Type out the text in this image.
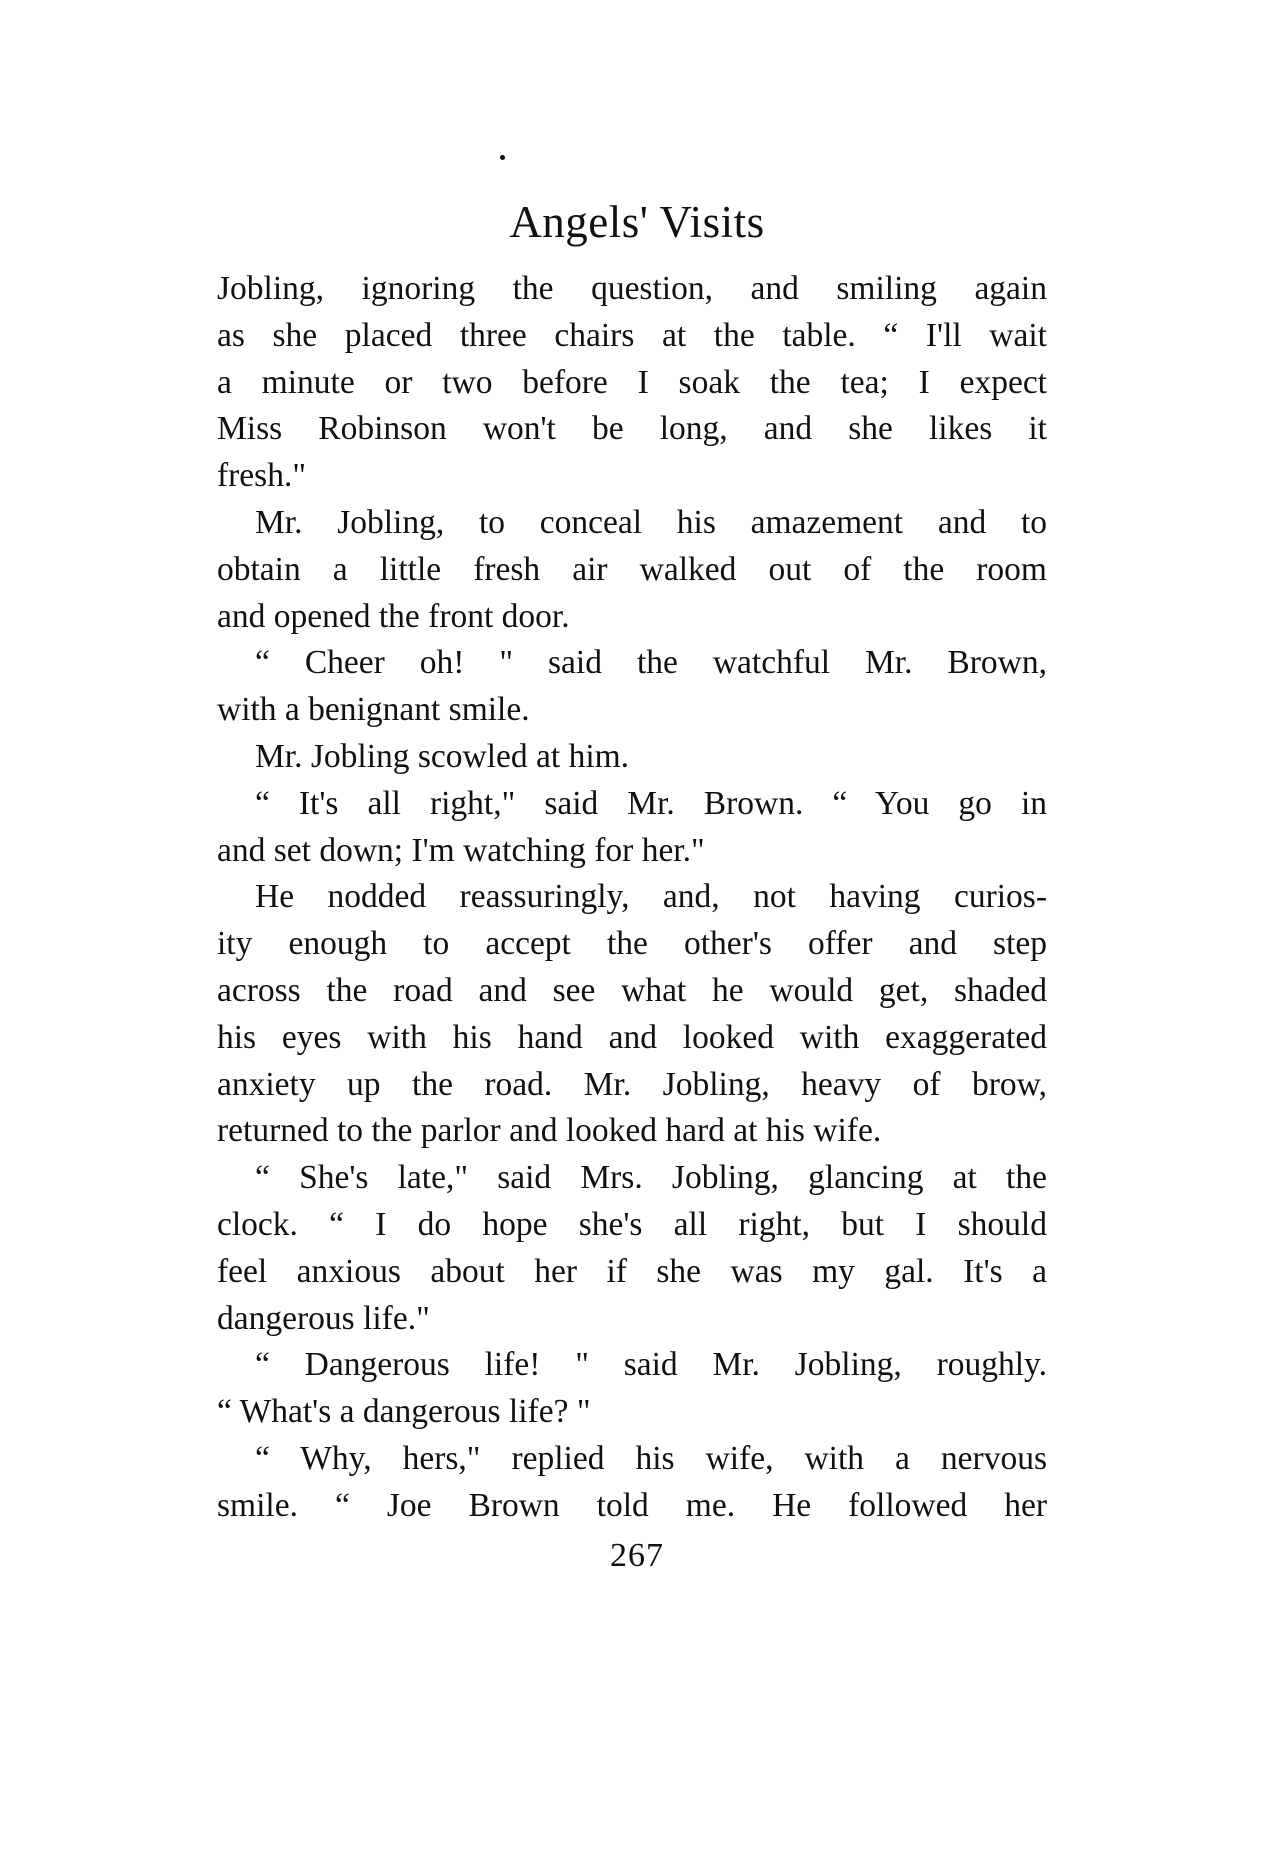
Angels' Visits
Jobling, ignoring the question, and smiling again
as she placed three chairs at the table. “ I'll wait
a minute or two before I soak the tea; I expect
Miss Robinson won't be long, and she likes it
fresh."
Mr. Jobling, to conceal his amazement and to
obtain a little fresh air walked out of the room
and opened the front door.
“ Cheer oh! " said the watchful Mr. Brown,
with a benignant smile.
Mr. Jobling scowled at him.
“ It's all right," said Mr. Brown. “ You go in
and set down; I'm watching for her."
He nodded reassuringly, and, not having curios-
ity enough to accept the other's offer and step
across the road and see what he would get, shaded
his eyes with his hand and looked with exaggerated
anxiety up the road. Mr. Jobling, heavy of brow,
returned to the parlor and looked hard at his wife.
“ She's late," said Mrs. Jobling, glancing at the
clock. “ I do hope she's all right, but I should
feel anxious about her if she was my gal. It's a
dangerous life."
“ Dangerous life! " said Mr. Jobling, roughly.
“ What's a dangerous life? "
“ Why, hers," replied his wife, with a nervous
smile. “ Joe Brown told me. He followed her
267
